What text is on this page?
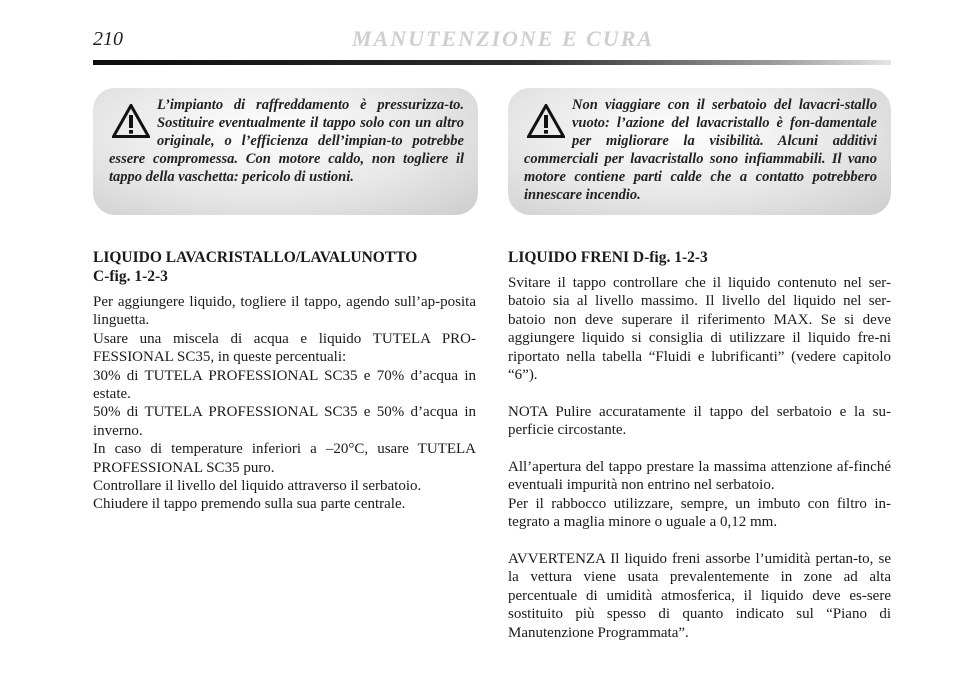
210	MANUTENZIONE E CURA

L’impianto di raffreddamento è pressurizza-to. Sostituire eventualmente il tappo solo con un altro originale, o l’efficienza dell’impian-to potrebbe essere compromessa. Con motore caldo, non togliere il tappo della vaschetta: pericolo di ustioni.

Non viaggiare con il serbatoio del lavacri-stallo vuoto: l’azione del lavacristallo è fon-damentale per migliorare la visibilità. Alcuni additivi commerciali per lavacristallo sono infiammabili. Il vano motore contiene parti calde che a contatto potrebbero innescare incendio.

LIQUIDO LAVACRISTALLO/LAVALUNOTTO
C-fig. 1-2-3

Per aggiungere liquido, togliere il tappo, agendo sull’ap-posita linguetta.

Usare una miscela di acqua e liquido TUTELA PRO-FESSIONAL SC35, in queste percentuali:

30% di TUTELA PROFESSIONAL SC35 e 70% d’acqua in estate.

50% di TUTELA PROFESSIONAL SC35 e 50% d’acqua in inverno.

In caso di temperature inferiori a –20°C, usare TUTELA PROFESSIONAL SC35 puro.

Controllare il livello del liquido attraverso il serbatoio.

Chiudere il tappo premendo sulla sua parte centrale.

LIQUIDO FRENI D-fig. 1-2-3

Svitare il tappo controllare che il liquido contenuto nel ser-batoio sia al livello massimo. Il livello del liquido nel ser-batoio non deve superare il riferimento MAX. Se si deve aggiungere liquido si consiglia di utilizzare il liquido fre-ni riportato nella tabella “Fluidi e lubrificanti” (vedere capitolo “6”).

NOTA Pulire accuratamente il tappo del serbatoio e la su-perficie circostante.

All’apertura del tappo prestare la massima attenzione af-finché eventuali impurità non entrino nel serbatoio.

Per il rabbocco utilizzare, sempre, un imbuto con filtro in-tegrato a maglia minore o uguale a 0,12 mm.

AVVERTENZA Il liquido freni assorbe l’umidità pertan-to, se la vettura viene usata prevalentemente in zone ad alta percentuale di umidità atmosferica, il liquido deve es-sere sostituito più spesso di quanto indicato sul “Piano di Manutenzione Programmata”.
